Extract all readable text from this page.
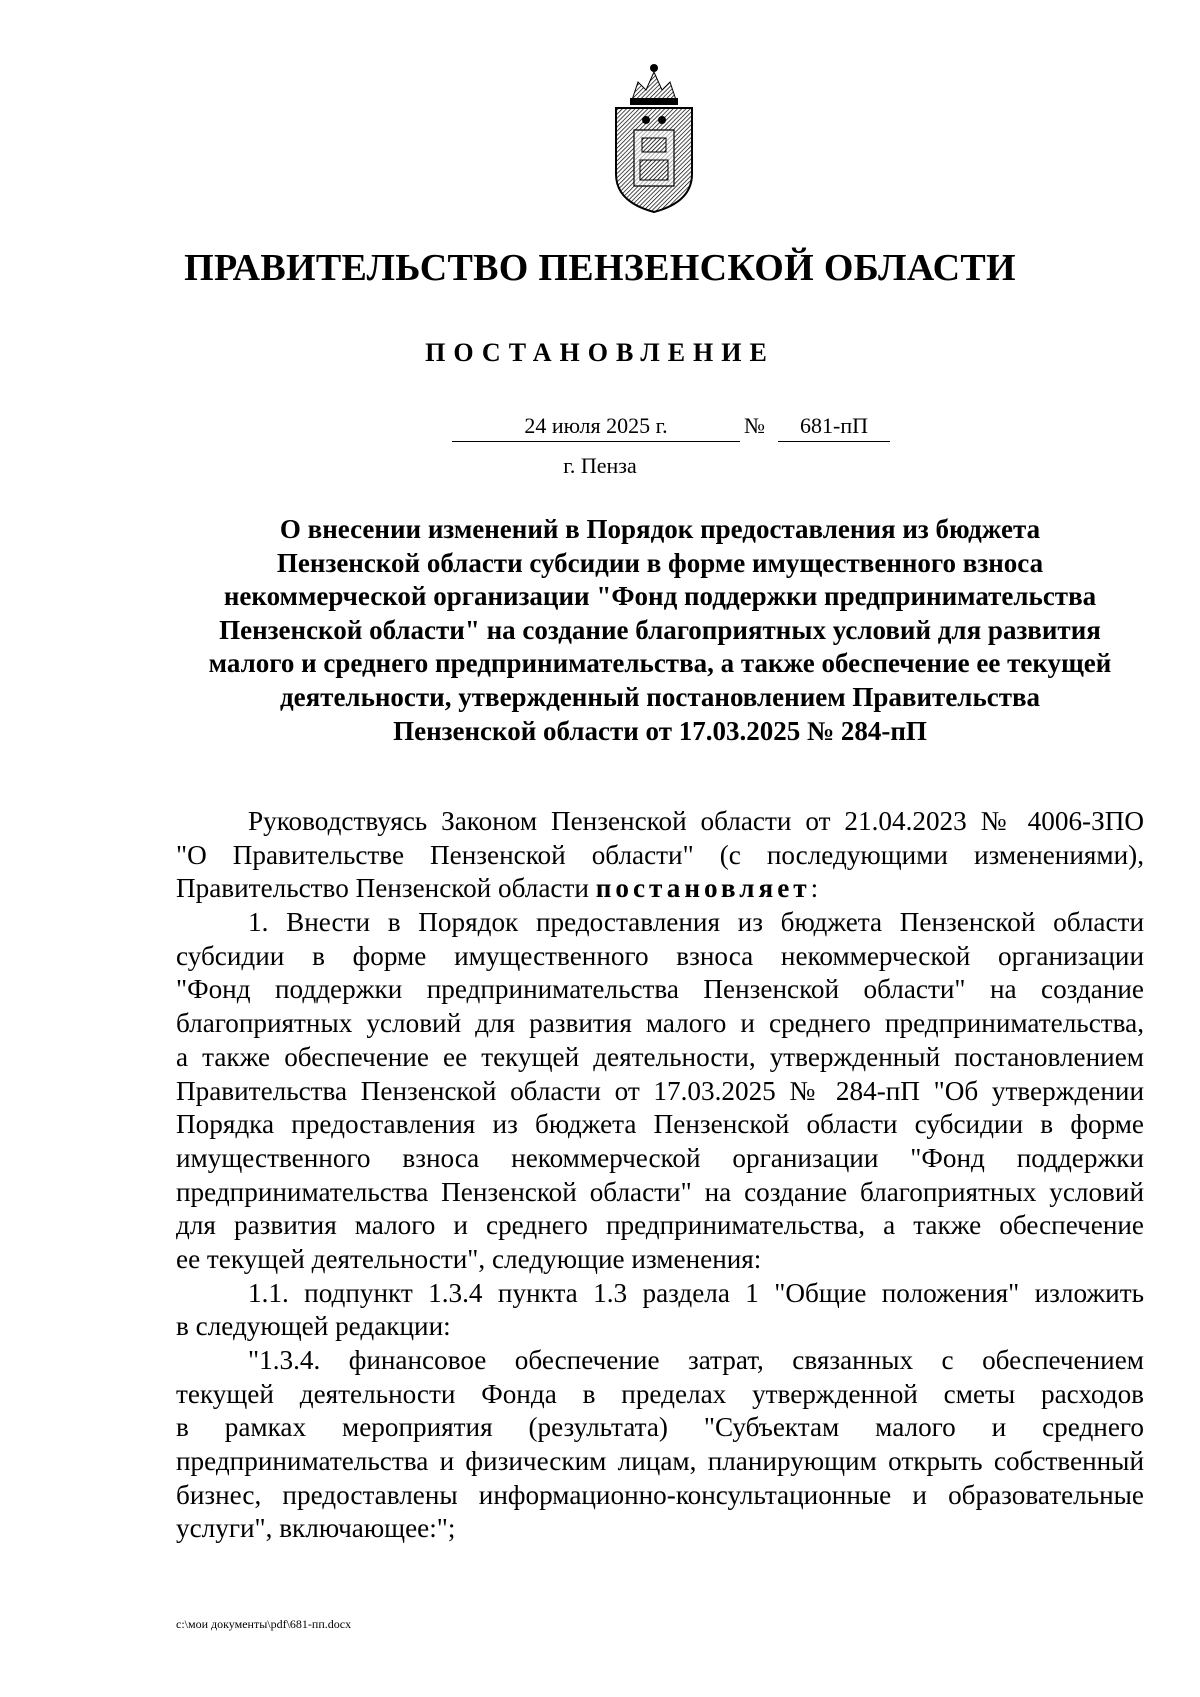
ПРАВИТЕЛЬСТВО ПЕНЗЕНСКОЙ ОБЛАСТИ
ПОСТАНОВЛЕНИЕ
24 июля 2025 г.	№	681-пП
г. Пенза
О внесении изменений в Порядок предоставления из бюджета
Пензенской области субсидии в форме имущественного взноса
некоммерческой организации "Фонд поддержки предпринимательства
Пензенской области" на создание благоприятных условий для развития
малого и среднего предпринимательства, а также обеспечение ее текущей
деятельности, утвержденный постановлением Правительства
Пензенской области от 17.03.2025 № 284-пП
Руководствуясь Законом Пензенской области от 21.04.2023 № 4006-ЗПО
"О Правительстве Пензенской области" (с последующими изменениями),
Правительство Пензенской области постановляет:
1. Внести в Порядок предоставления из бюджета Пензенской области
субсидии в форме имущественного взноса некоммерческой организации
"Фонд поддержки предпринимательства Пензенской области" на создание
благоприятных условий для развития малого и среднего предпринимательства,
а также обеспечение ее текущей деятельности, утвержденный постановлением
Правительства Пензенской области от 17.03.2025 № 284-пП "Об утверждении
Порядка предоставления из бюджета Пензенской области субсидии в форме
имущественного взноса некоммерческой организации "Фонд поддержки
предпринимательства Пензенской области" на создание благоприятных условий
для развития малого и среднего предпринимательства, а также обеспечение
ее текущей деятельности", следующие изменения:
1.1. подпункт 1.3.4 пункта 1.3 раздела 1 "Общие положения" изложить
в следующей редакции:
"1.3.4. финансовое обеспечение затрат, связанных с обеспечением
текущей деятельности Фонда в пределах утвержденной сметы расходов
в рамках мероприятия (результата) "Субъектам малого и среднего
предпринимательства и физическим лицам, планирующим открыть собственный
бизнес, предоставлены информационно-консультационные и образовательные
услуги", включающее:";
c:\мои документы\pdf\681-пп.docx
